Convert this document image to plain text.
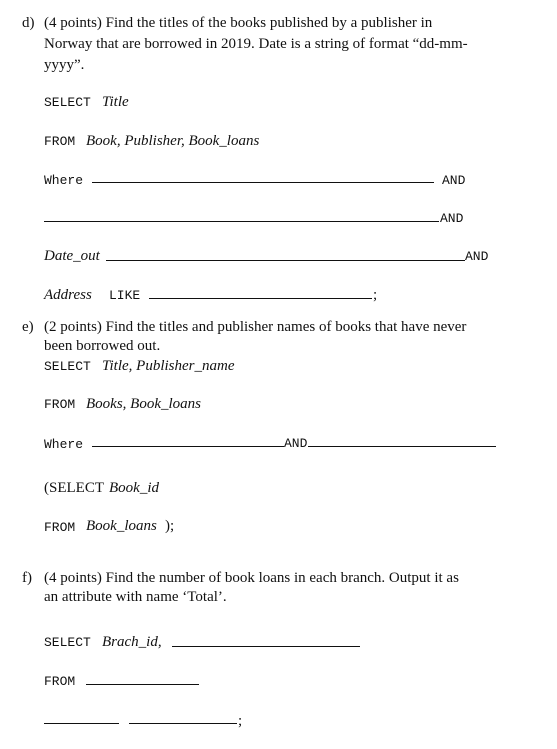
d) (4 points) Find the titles of the books published by a publisher in
Norway that are borrowed in 2019. Date is a string of format “dd-mm-
yyyy”.
SELECT Title
FROM Book, Publisher, Book_loans
Where	AND
AND
Date_out	AND
Address LIKE	;
e) (2 points) Find the titles and publisher names of books that have never
been borrowed out.
SELECT Title, Publisher_name
FROM Books, Book_loans
Where	AND
(SELECT Book_id
FROM Book_loans );
f) (4 points) Find the number of book loans in each branch. Output it as
an attribute with name ‘Total’.
SELECT Brach_id,
FROM
;
